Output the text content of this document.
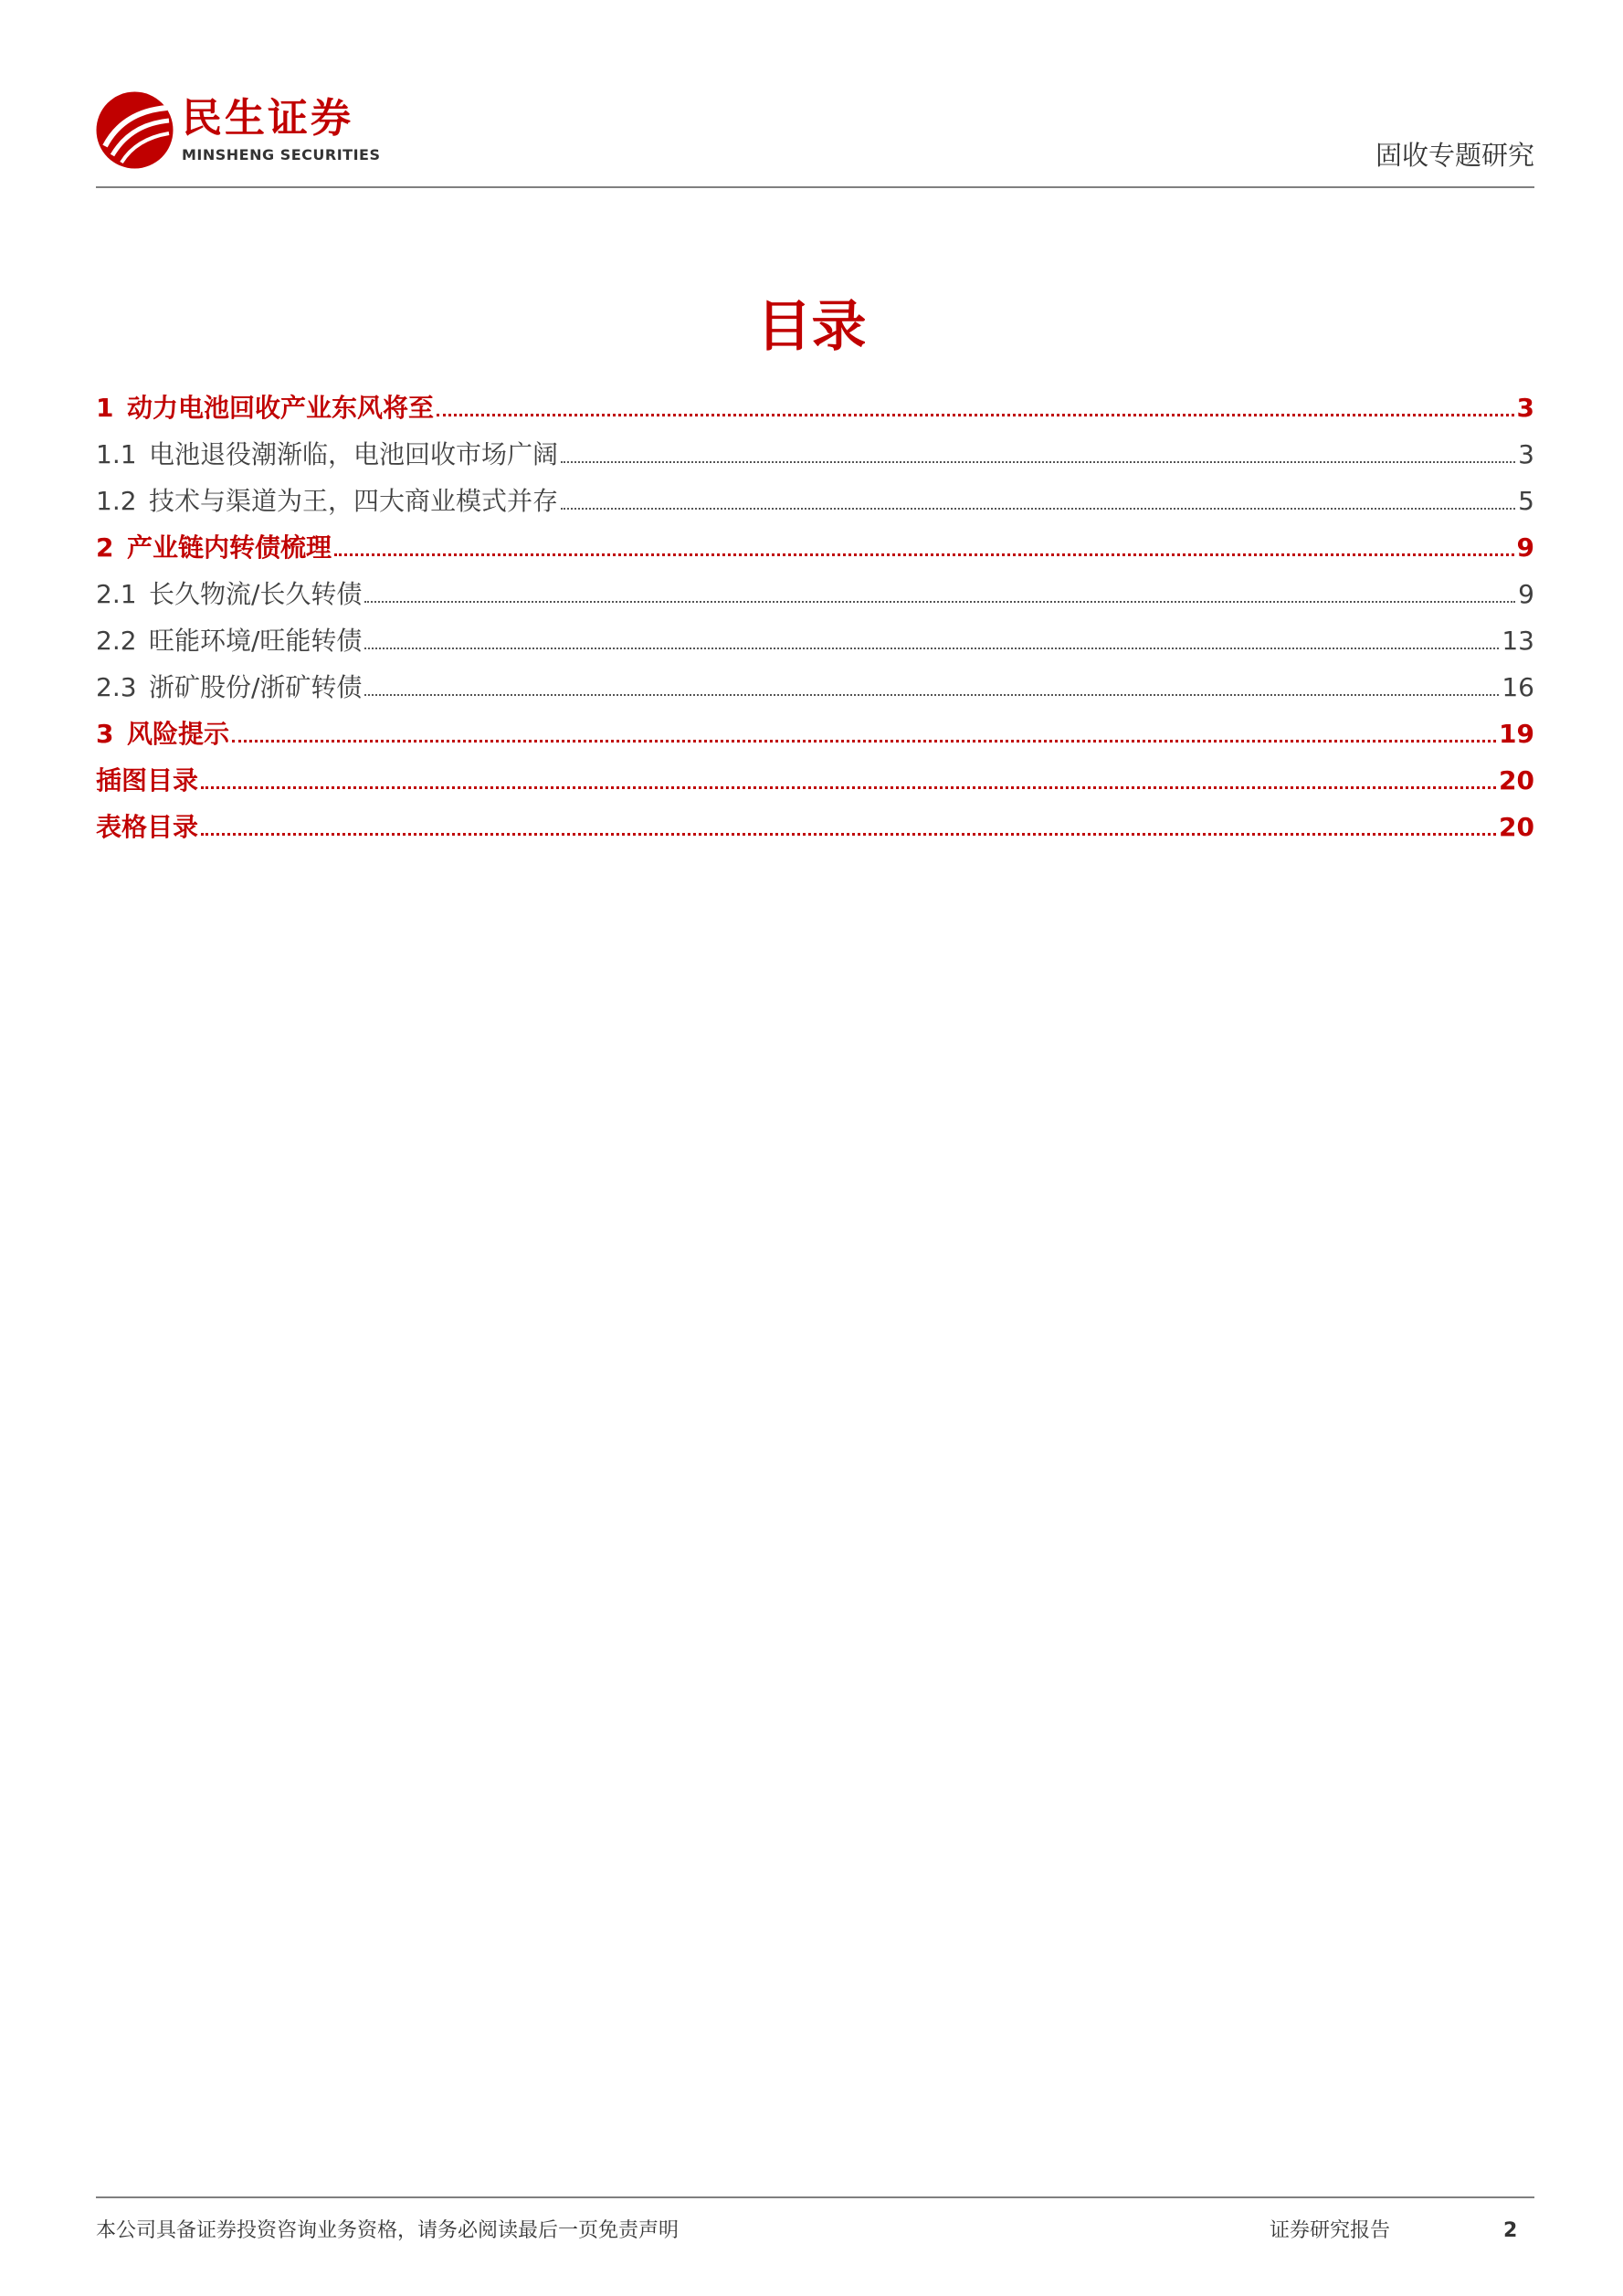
民生证券
MINSHENG SECURITIES	固收专题研究
目录
1 动力电池回收产业东风将至	3
1.1 电池退役潮渐临，电池回收市场广阔	3
1.2 技术与渠道为王，四大商业模式并存	5
2 产业链内转债梳理	9
2.1 长久物流/长久转债	9
2.2 旺能环境/旺能转债	13
2.3 浙矿股份/浙矿转债	16
3 风险提示	19
插图目录	20
表格目录	20
本公司具备证券投资咨询业务资格，请务必阅读最后一页免责声明	证券研究报告	2
